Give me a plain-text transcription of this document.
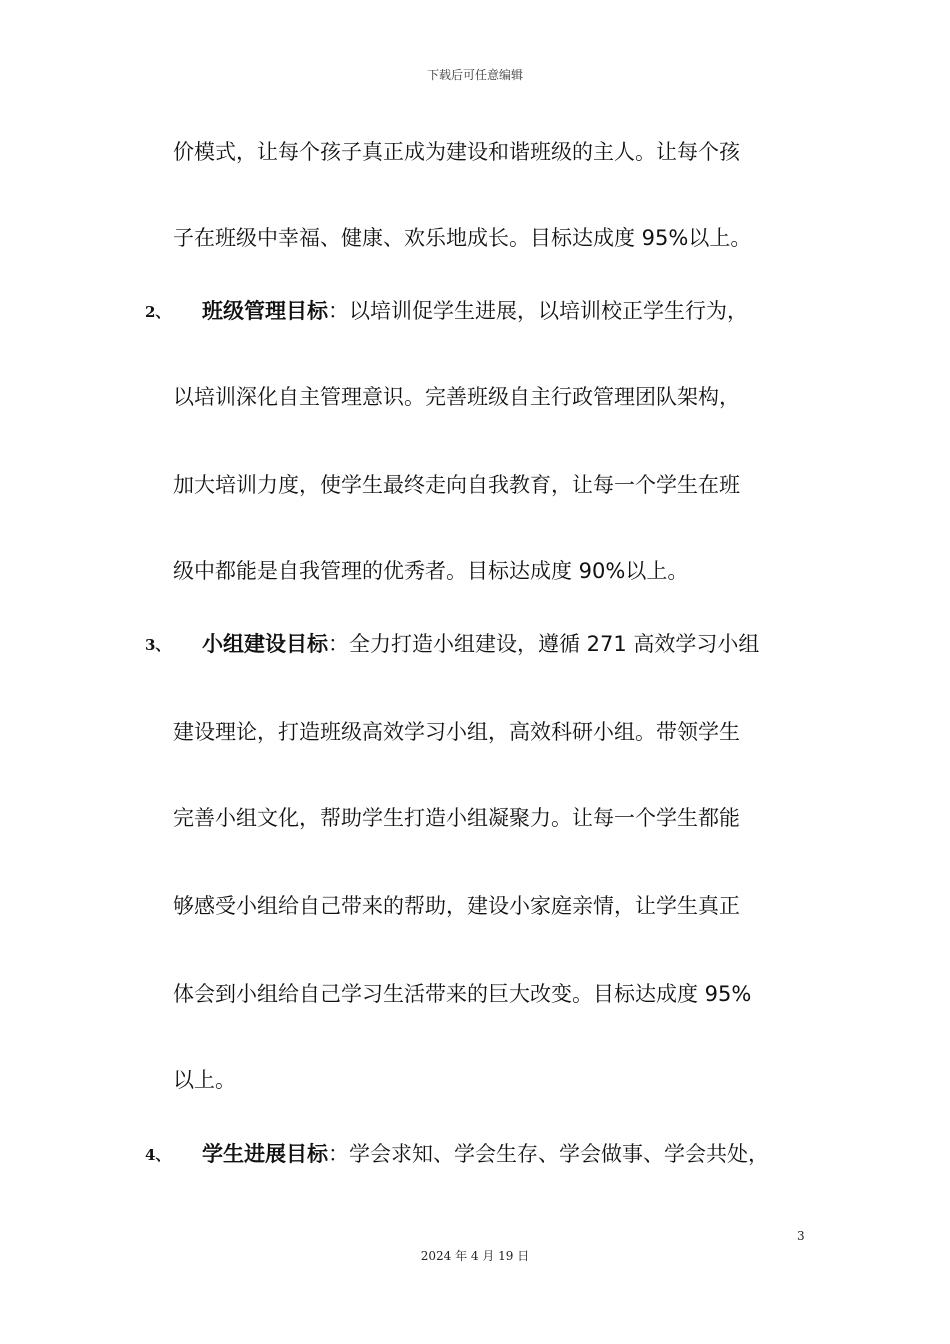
下载后可任意编辑
价模式，让每个孩子真正成为建设和谐班级的主人。让每个孩
子在班级中幸福、健康、欢乐地成长。目标达成度 95%以上。
2、 班级管理目标：以培训促学生进展，以培训校正学生行为，
以培训深化自主管理意识。完善班级自主行政管理团队架构，
加大培训力度，使学生最终走向自我教育，让每一个学生在班
级中都能是自我管理的优秀者。目标达成度 90%以上。
3、 小组建设目标：全力打造小组建设，遵循 271 高效学习小组
建设理论，打造班级高效学习小组，高效科研小组。带领学生
完善小组文化，帮助学生打造小组凝聚力。让每一个学生都能
够感受小组给自己带来的帮助，建设小家庭亲情，让学生真正
体会到小组给自己学习生活带来的巨大改变。目标达成度 95%
以上。
4、 学生进展目标：学会求知、学会生存、学会做事、学会共处，
3
2024 年 4 月 19 日
